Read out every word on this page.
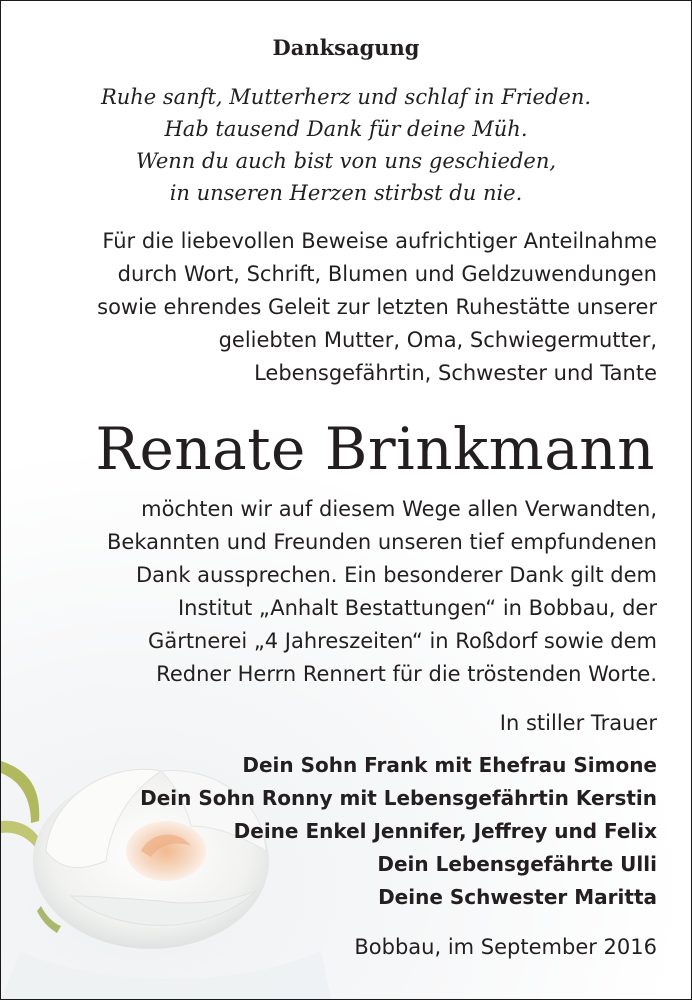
Danksagung
Ruhe sanft, Mutterherz und schlaf in Frieden.
Hab tausend Dank für deine Müh.
Wenn du auch bist von uns geschieden,
in unseren Herzen stirbst du nie.
Für die liebevollen Beweise aufrichtiger Anteilnahme
durch Wort, Schrift, Blumen und Geldzuwendungen
sowie ehrendes Geleit zur letzten Ruhestätte unserer
geliebten Mutter, Oma, Schwiegermutter,
Lebensgefährtin, Schwester und Tante
Renate Brinkmann
möchten wir auf diesem Wege allen Verwandten,
Bekannten und Freunden unseren tief empfundenen
Dank aussprechen. Ein besonderer Dank gilt dem
Institut „Anhalt Bestattungen“ in Bobbau, der
Gärtnerei „4 Jahreszeiten“ in Roßdorf sowie dem
Redner Herrn Rennert für die tröstenden Worte.
In stiller Trauer
Dein Sohn Frank mit Ehefrau Simone
Dein Sohn Ronny mit Lebensgefährtin Kerstin
Deine Enkel Jennifer, Jeffrey und Felix
Dein Lebensgefährte Ulli
Deine Schwester Maritta
Bobbau, im September 2016
